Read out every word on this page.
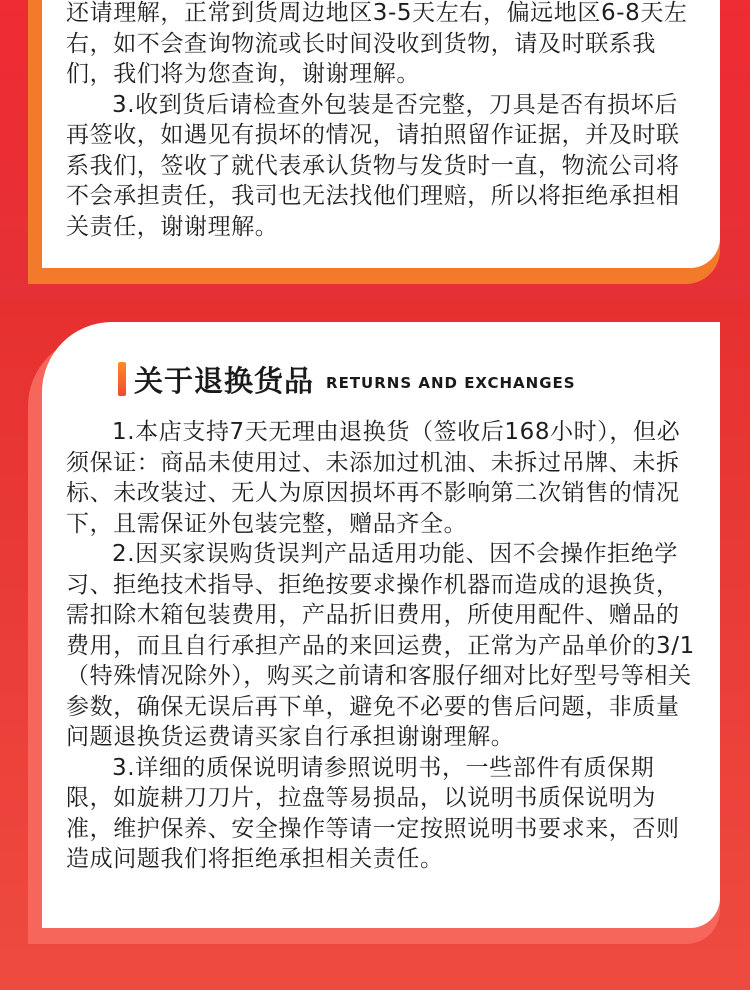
还请理解，正常到货周边地区3-5天左右，偏远地区6-8天左右，如不会查询物流或长时间没收到货物，请及时联系我们，我们将为您查询，谢谢理解。

3.收到货后请检查外包装是否完整，刀具是否有损坏后再签收，如遇见有损坏的情况，请拍照留作证据，并及时联系我们，签收了就代表承认货物与发货时一直，物流公司将不会承担责任，我司也无法找他们理赔，所以将拒绝承担相关责任，谢谢理解。

关于退换货品 RETURNS AND EXCHANGES

1.本店支持7天无理由退换货（签收后168小时），但必须保证：商品未使用过、未添加过机油、未拆过吊牌、未拆标、未改装过、无人为原因损坏再不影响第二次销售的情况下，且需保证外包装完整，赠品齐全。

2.因买家误购货误判产品适用功能、因不会操作拒绝学习、拒绝技术指导、拒绝按要求操作机器而造成的退换货，需扣除木箱包装费用，产品折旧费用，所使用配件、赠品的费用，而且自行承担产品的来回运费，正常为产品单价的3/1（特殊情况除外），购买之前请和客服仔细对比好型号等相关参数，确保无误后再下单，避免不必要的售后问题，非质量问题退换货运费请买家自行承担谢谢理解。

3.详细的质保说明请参照说明书，一些部件有质保期限，如旋耕刀刀片，拉盘等易损品，以说明书质保说明为准，维护保养、安全操作等请一定按照说明书要求来，否则造成问题我们将拒绝承担相关责任。
